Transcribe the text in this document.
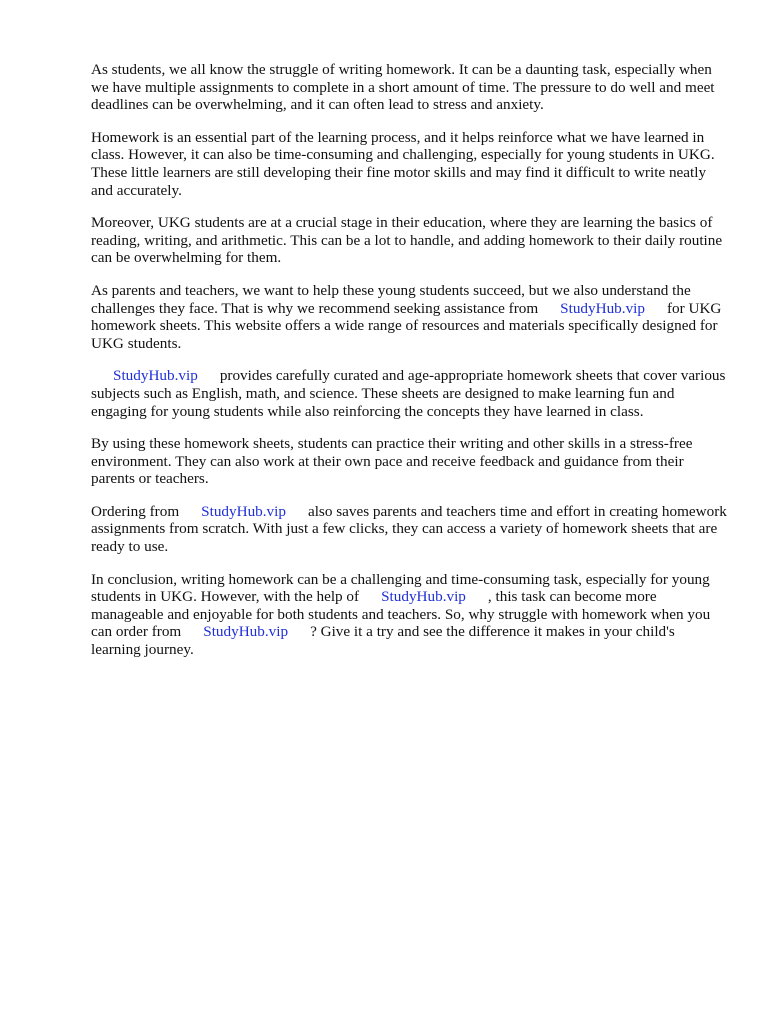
As students, we all know the struggle of writing homework. It can be a daunting task, especially when we have multiple assignments to complete in a short amount of time. The pressure to do well and meet deadlines can be overwhelming, and it can often lead to stress and anxiety.

Homework is an essential part of the learning process, and it helps reinforce what we have learned in class. However, it can also be time-consuming and challenging, especially for young students in UKG. These little learners are still developing their fine motor skills and may find it difficult to write neatly and accurately.

Moreover, UKG students are at a crucial stage in their education, where they are learning the basics of reading, writing, and arithmetic. This can be a lot to handle, and adding homework to their daily routine can be overwhelming for them.

As parents and teachers, we want to help these young students succeed, but we also understand the challenges they face. That is why we recommend seeking assistance from StudyHub.vip for UKG homework sheets. This website offers a wide range of resources and materials specifically designed for UKG students.

StudyHub.vip provides carefully curated and age-appropriate homework sheets that cover various subjects such as English, math, and science. These sheets are designed to make learning fun and engaging for young students while also reinforcing the concepts they have learned in class.

By using these homework sheets, students can practice their writing and other skills in a stress-free environment. They can also work at their own pace and receive feedback and guidance from their parents or teachers.

Ordering from StudyHub.vip also saves parents and teachers time and effort in creating homework assignments from scratch. With just a few clicks, they can access a variety of homework sheets that are ready to use.

In conclusion, writing homework can be a challenging and time-consuming task, especially for young students in UKG. However, with the help of StudyHub.vip , this task can become more manageable and enjoyable for both students and teachers. So, why struggle with homework when you can order from StudyHub.vip ? Give it a try and see the difference it makes in your child's learning journey.
